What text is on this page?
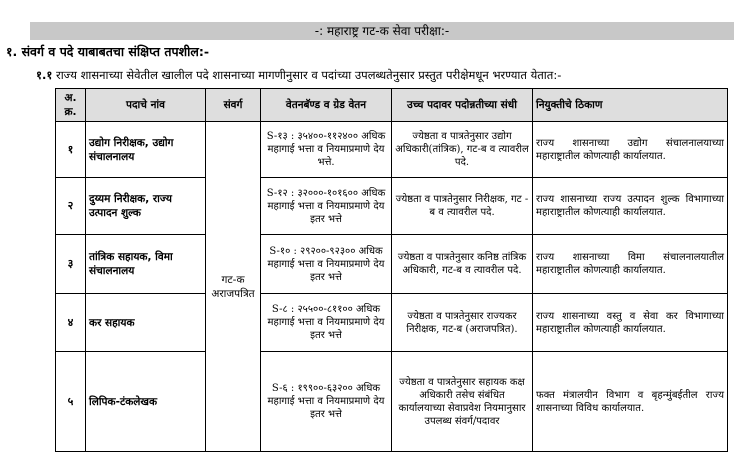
-: महाराष्ट्र गट-क सेवा परीक्षा:-
१. संवर्ग व पदे याबाबतचा संक्षिप्त तपशील:-
१.१ राज्य शासनाच्या सेवेतील खालील पदे शासनाच्या मागणीनुसार व पदांच्या उपलब्धतेनुसार प्रस्तुत परीक्षेमधून भरण्यात येतात:-
अ. क्र.	पदाचे नांव	संवर्ग	वेतनबॅण्ड व ग्रेड वेतन	उच्च पदावर पदोन्नतीच्या संधी	नियुक्तीचे ठिकाण
१	उद्योग निरीक्षक, उद्योग संचालनालय	गट-क अराजपत्रित	S-१३ : ३५४००-११२४०० अधिक महागाई भत्ता व नियमाप्रमाणे देय भत्ते.	ज्येष्ठता व पात्रतेनुसार उद्योग अधिकारी(तांत्रिक), गट-ब व त्यावरील पदे.	राज्य शासनाच्या उद्योग संचालनालयाच्या महाराष्ट्रातील कोणत्याही कार्यालयात.
२	दुय्यम निरीक्षक, राज्य उत्पादन शुल्क		S-१२ : ३२०००-१०१६०० अधिक महागाई भत्ता व नियमाप्रमाणे देय इतर भत्ते	ज्येष्ठता व पात्रतेनुसार निरीक्षक, गट - ब व त्यावरील पदे.	राज्य शासनाच्या राज्य उत्पादन शुल्क विभागाच्या महाराष्ट्रातील कोणत्याही कार्यालयात.
३	तांत्रिक सहायक, विमा संचालनालय		S-१० : २९२००-९२३०० अधिक महागाई भत्ता व नियमाप्रमाणे देय इतर भत्ते	ज्येष्ठता व पात्रतेनुसार कनिष्ठ तांत्रिक अधिकारी, गट-ब व त्यावरील पदे.	राज्य शासनाच्या विमा संचालनालयातील महाराष्ट्रातील कोणत्याही कार्यालयात.
४	कर सहायक		S-८ : २५५००-८११०० अधिक महागाई भत्ता व नियमाप्रमाणे देय इतर भत्ते	ज्येष्ठता व पात्रतेनुसार राज्यकर निरीक्षक, गट-ब (अराजपत्रित).	राज्य शासनाच्या वस्तु व सेवा कर विभागाच्या महाराष्ट्रातील कोणत्याही कार्यालयात.
५	लिपिक-टंकलेखक		S-६ : १९९००-६३२०० अधिक महागाई भत्ता व नियमाप्रमाणे देय इतर भत्ते	ज्येष्ठता व पात्रतेनुसार सहायक कक्ष अधिकारी तसेच संबंधित कार्यालयाच्या सेवाप्रवेश नियमानुसार उपलब्ध संवर्ग/पदावर	फक्त मंत्रालयीन विभाग व बृहन्मुंबईतील राज्य शासनाच्या विविध कार्यालयात.
